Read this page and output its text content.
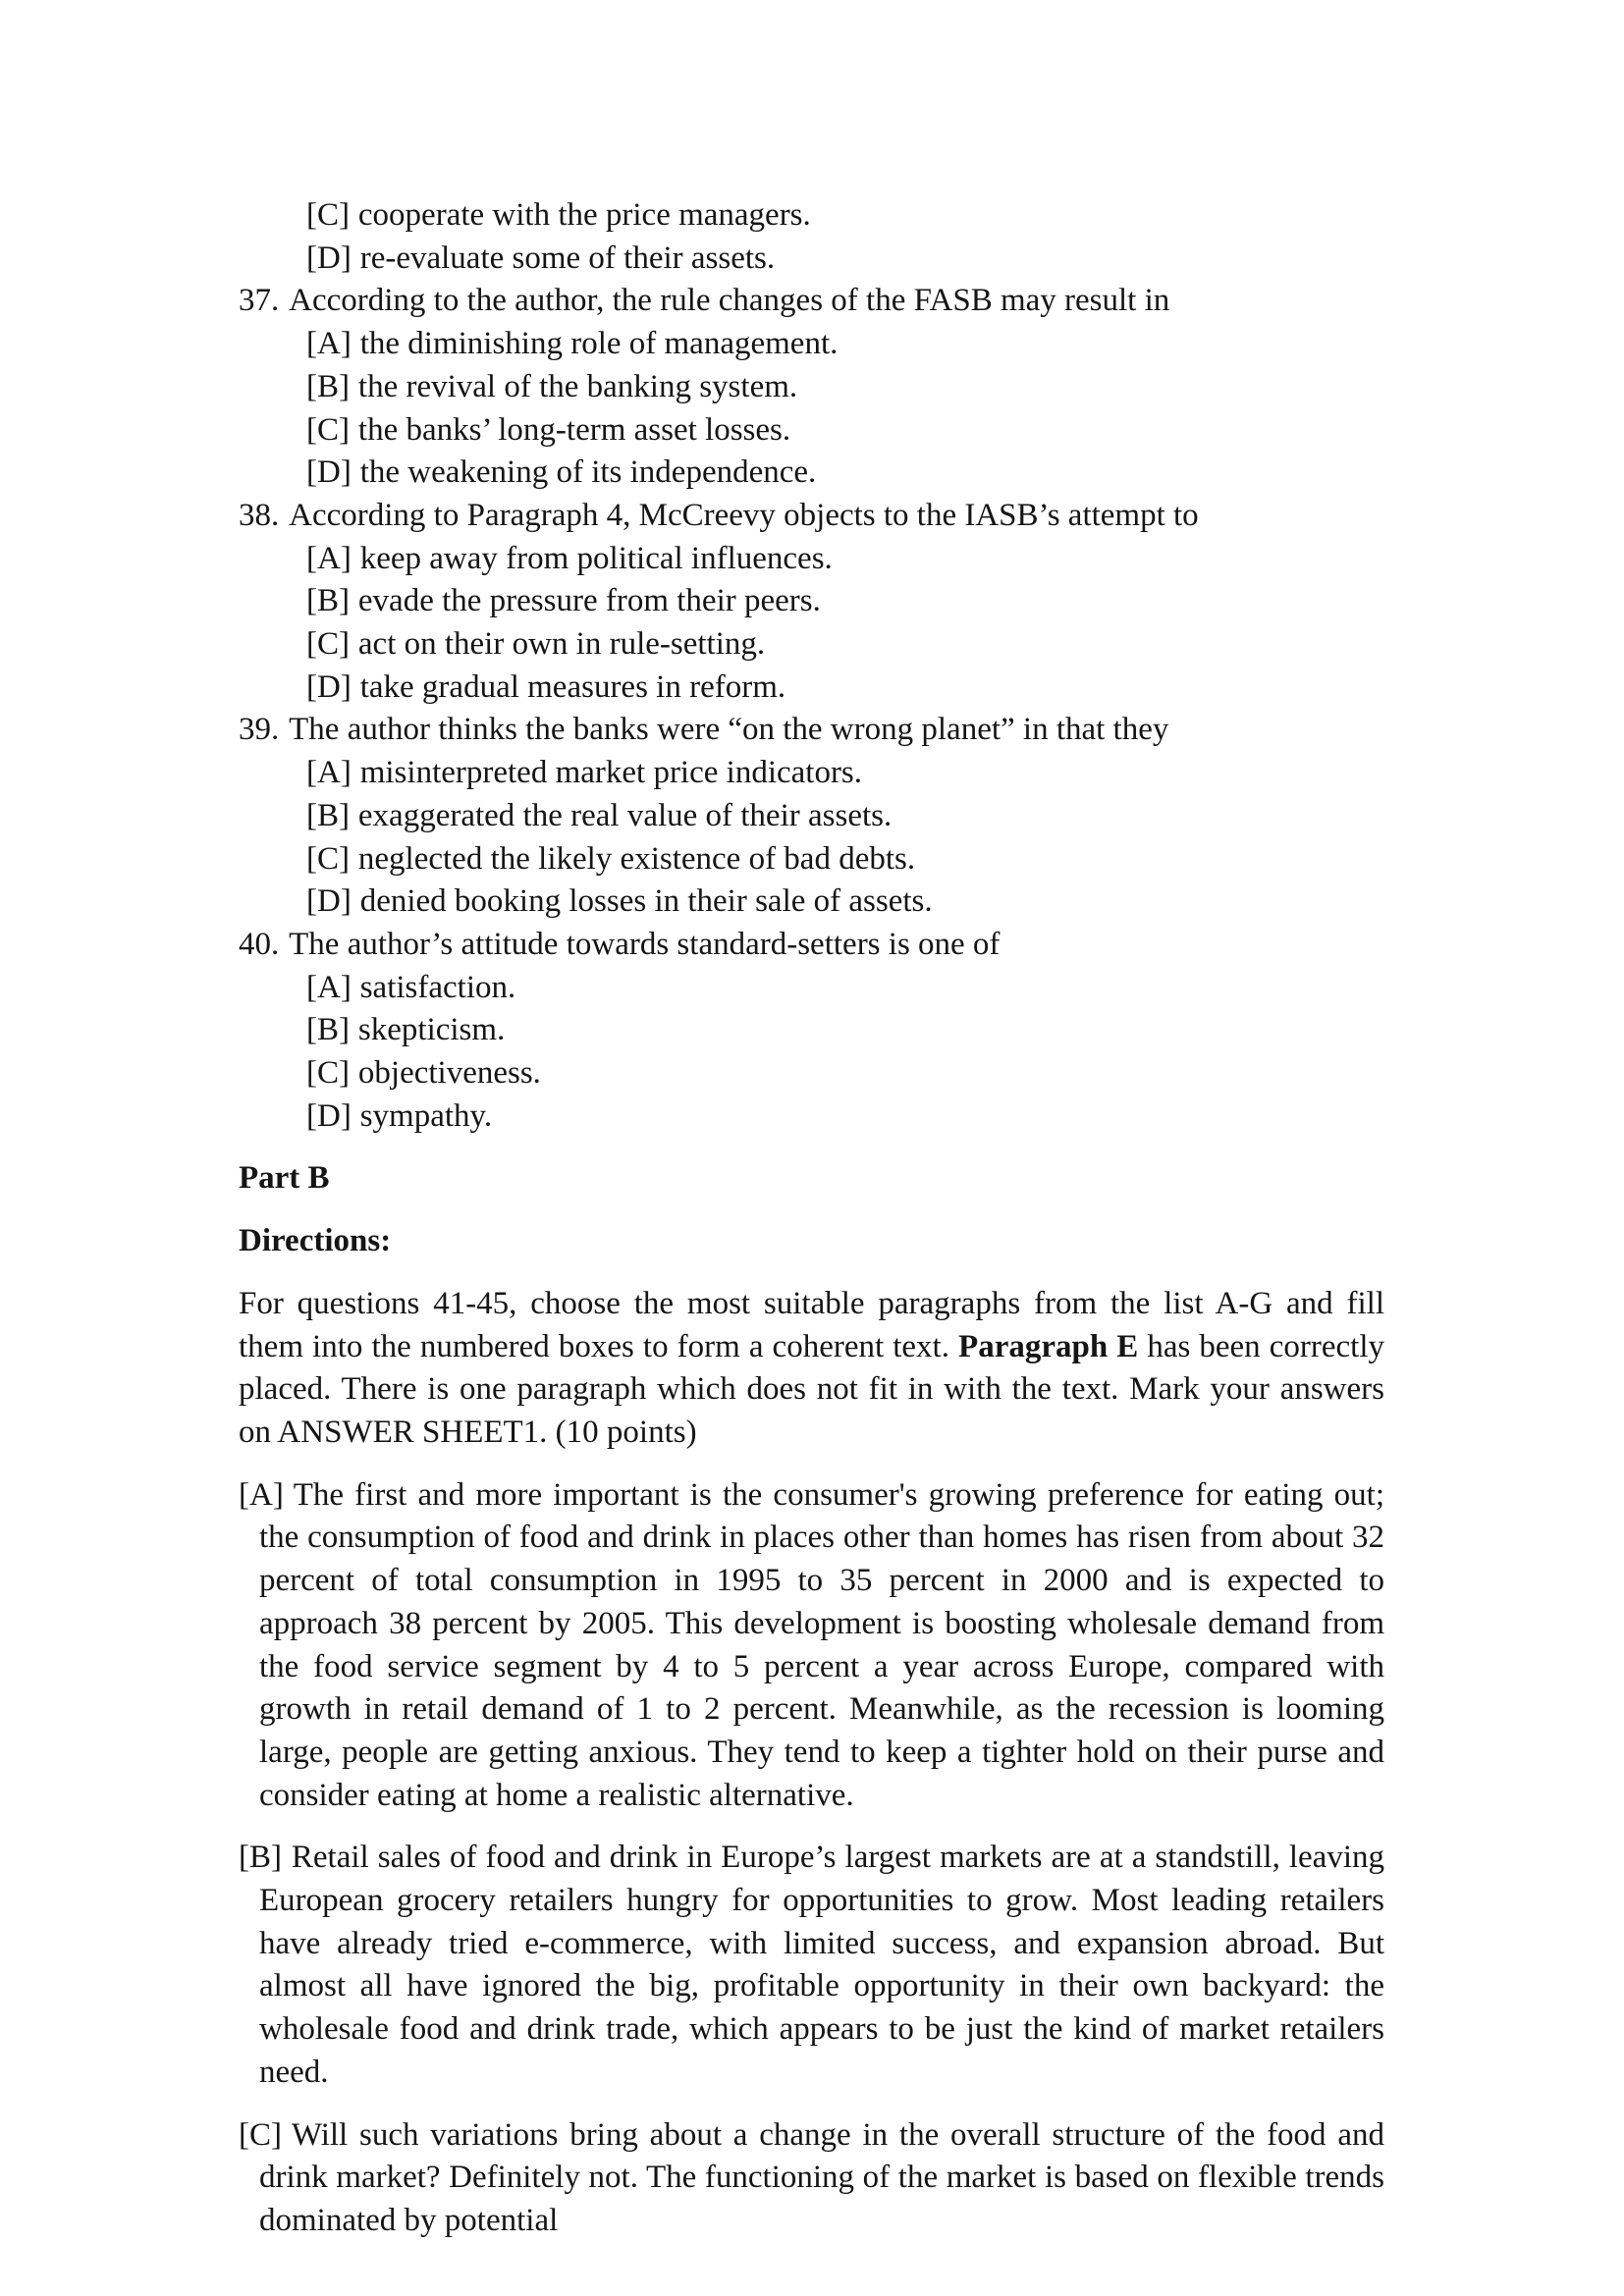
[C] cooperate with the price managers.
[D] re-evaluate some of their assets.
37. According to the author, the rule changes of the FASB may result in
[A] the diminishing role of management.
[B] the revival of the banking system.
[C] the banks’ long-term asset losses.
[D] the weakening of its independence.
38. According to Paragraph 4, McCreevy objects to the IASB’s attempt to
[A] keep away from political influences.
[B] evade the pressure from their peers.
[C] act on their own in rule-setting.
[D] take gradual measures in reform.
39. The author thinks the banks were “on the wrong planet” in that they
[A] misinterpreted market price indicators.
[B] exaggerated the real value of their assets.
[C] neglected the likely existence of bad debts.
[D] denied booking losses in their sale of assets.
40. The author’s attitude towards standard-setters is one of
[A] satisfaction.
[B] skepticism.
[C] objectiveness.
[D] sympathy.
Part B
Directions:

For questions 41-45, choose the most suitable paragraphs from the list A-G and fill them into the numbered boxes to form a coherent text. Paragraph E has been correctly placed. There is one paragraph which does not fit in with the text. Mark your answers on ANSWER SHEET1. (10 points)

[A] The first and more important is the consumer's growing preference for eating out; the consumption of food and drink in places other than homes has risen from about 32 percent of total consumption in 1995 to 35 percent in 2000 and is expected to approach 38 percent by 2005. This development is boosting wholesale demand from the food service segment by 4 to 5 percent a year across Europe, compared with growth in retail demand of 1 to 2 percent. Meanwhile, as the recession is looming large, people are getting anxious. They tend to keep a tighter hold on their purse and consider eating at home a realistic alternative.

[B] Retail sales of food and drink in Europe’s largest markets are at a standstill, leaving European grocery retailers hungry for opportunities to grow. Most leading retailers have already tried e-commerce, with limited success, and expansion abroad. But almost all have ignored the big, profitable opportunity in their own backyard: the wholesale food and drink trade, which appears to be just the kind of market retailers need.

[C] Will such variations bring about a change in the overall structure of the food and drink market? Definitely not. The functioning of the market is based on flexible trends dominated by potential
